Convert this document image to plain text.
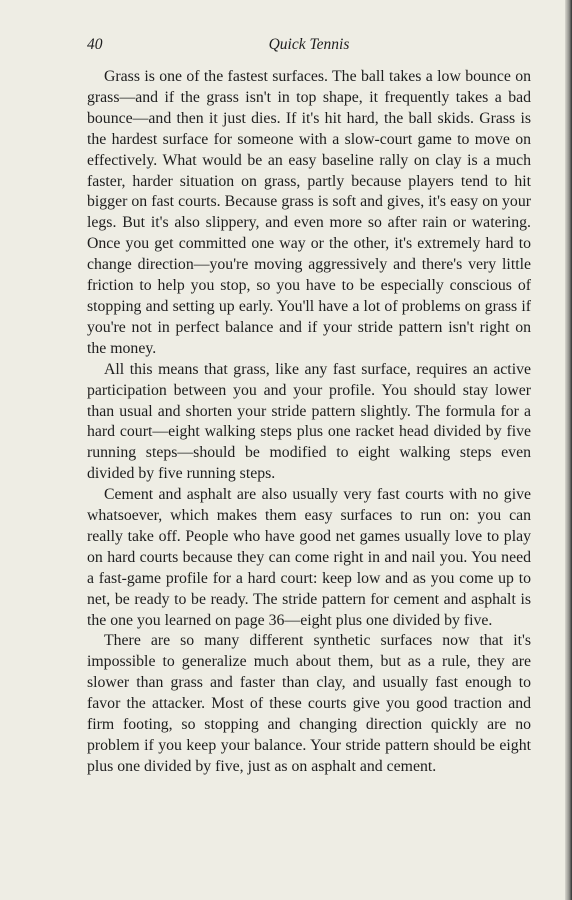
40	Quick Tennis

Grass is one of the fastest surfaces. The ball takes a low bounce on grass—and if the grass isn't in top shape, it frequently takes a bad bounce—and then it just dies. If it's hit hard, the ball skids. Grass is the hardest surface for someone with a slow-court game to move on effectively. What would be an easy baseline rally on clay is a much faster, harder situation on grass, partly because players tend to hit bigger on fast courts. Because grass is soft and gives, it's easy on your legs. But it's also slippery, and even more so after rain or watering. Once you get committed one way or the other, it's extremely hard to change direction—you're moving aggressively and there's very little friction to help you stop, so you have to be especially conscious of stopping and setting up early. You'll have a lot of problems on grass if you're not in perfect balance and if your stride pattern isn't right on the money.

All this means that grass, like any fast surface, requires an active participation between you and your profile. You should stay lower than usual and shorten your stride pattern slightly. The formula for a hard court—eight walking steps plus one racket head divided by five running steps—should be modified to eight walking steps even divided by five running steps.

Cement and asphalt are also usually very fast courts with no give whatsoever, which makes them easy surfaces to run on: you can really take off. People who have good net games usually love to play on hard courts because they can come right in and nail you. You need a fast-game profile for a hard court: keep low and as you come up to net, be ready to be ready. The stride pattern for cement and asphalt is the one you learned on page 36—eight plus one divided by five.

There are so many different synthetic surfaces now that it's impossible to generalize much about them, but as a rule, they are slower than grass and faster than clay, and usually fast enough to favor the attacker. Most of these courts give you good traction and firm footing, so stopping and changing direction quickly are no problem if you keep your balance. Your stride pattern should be eight plus one divided by five, just as on asphalt and cement.
